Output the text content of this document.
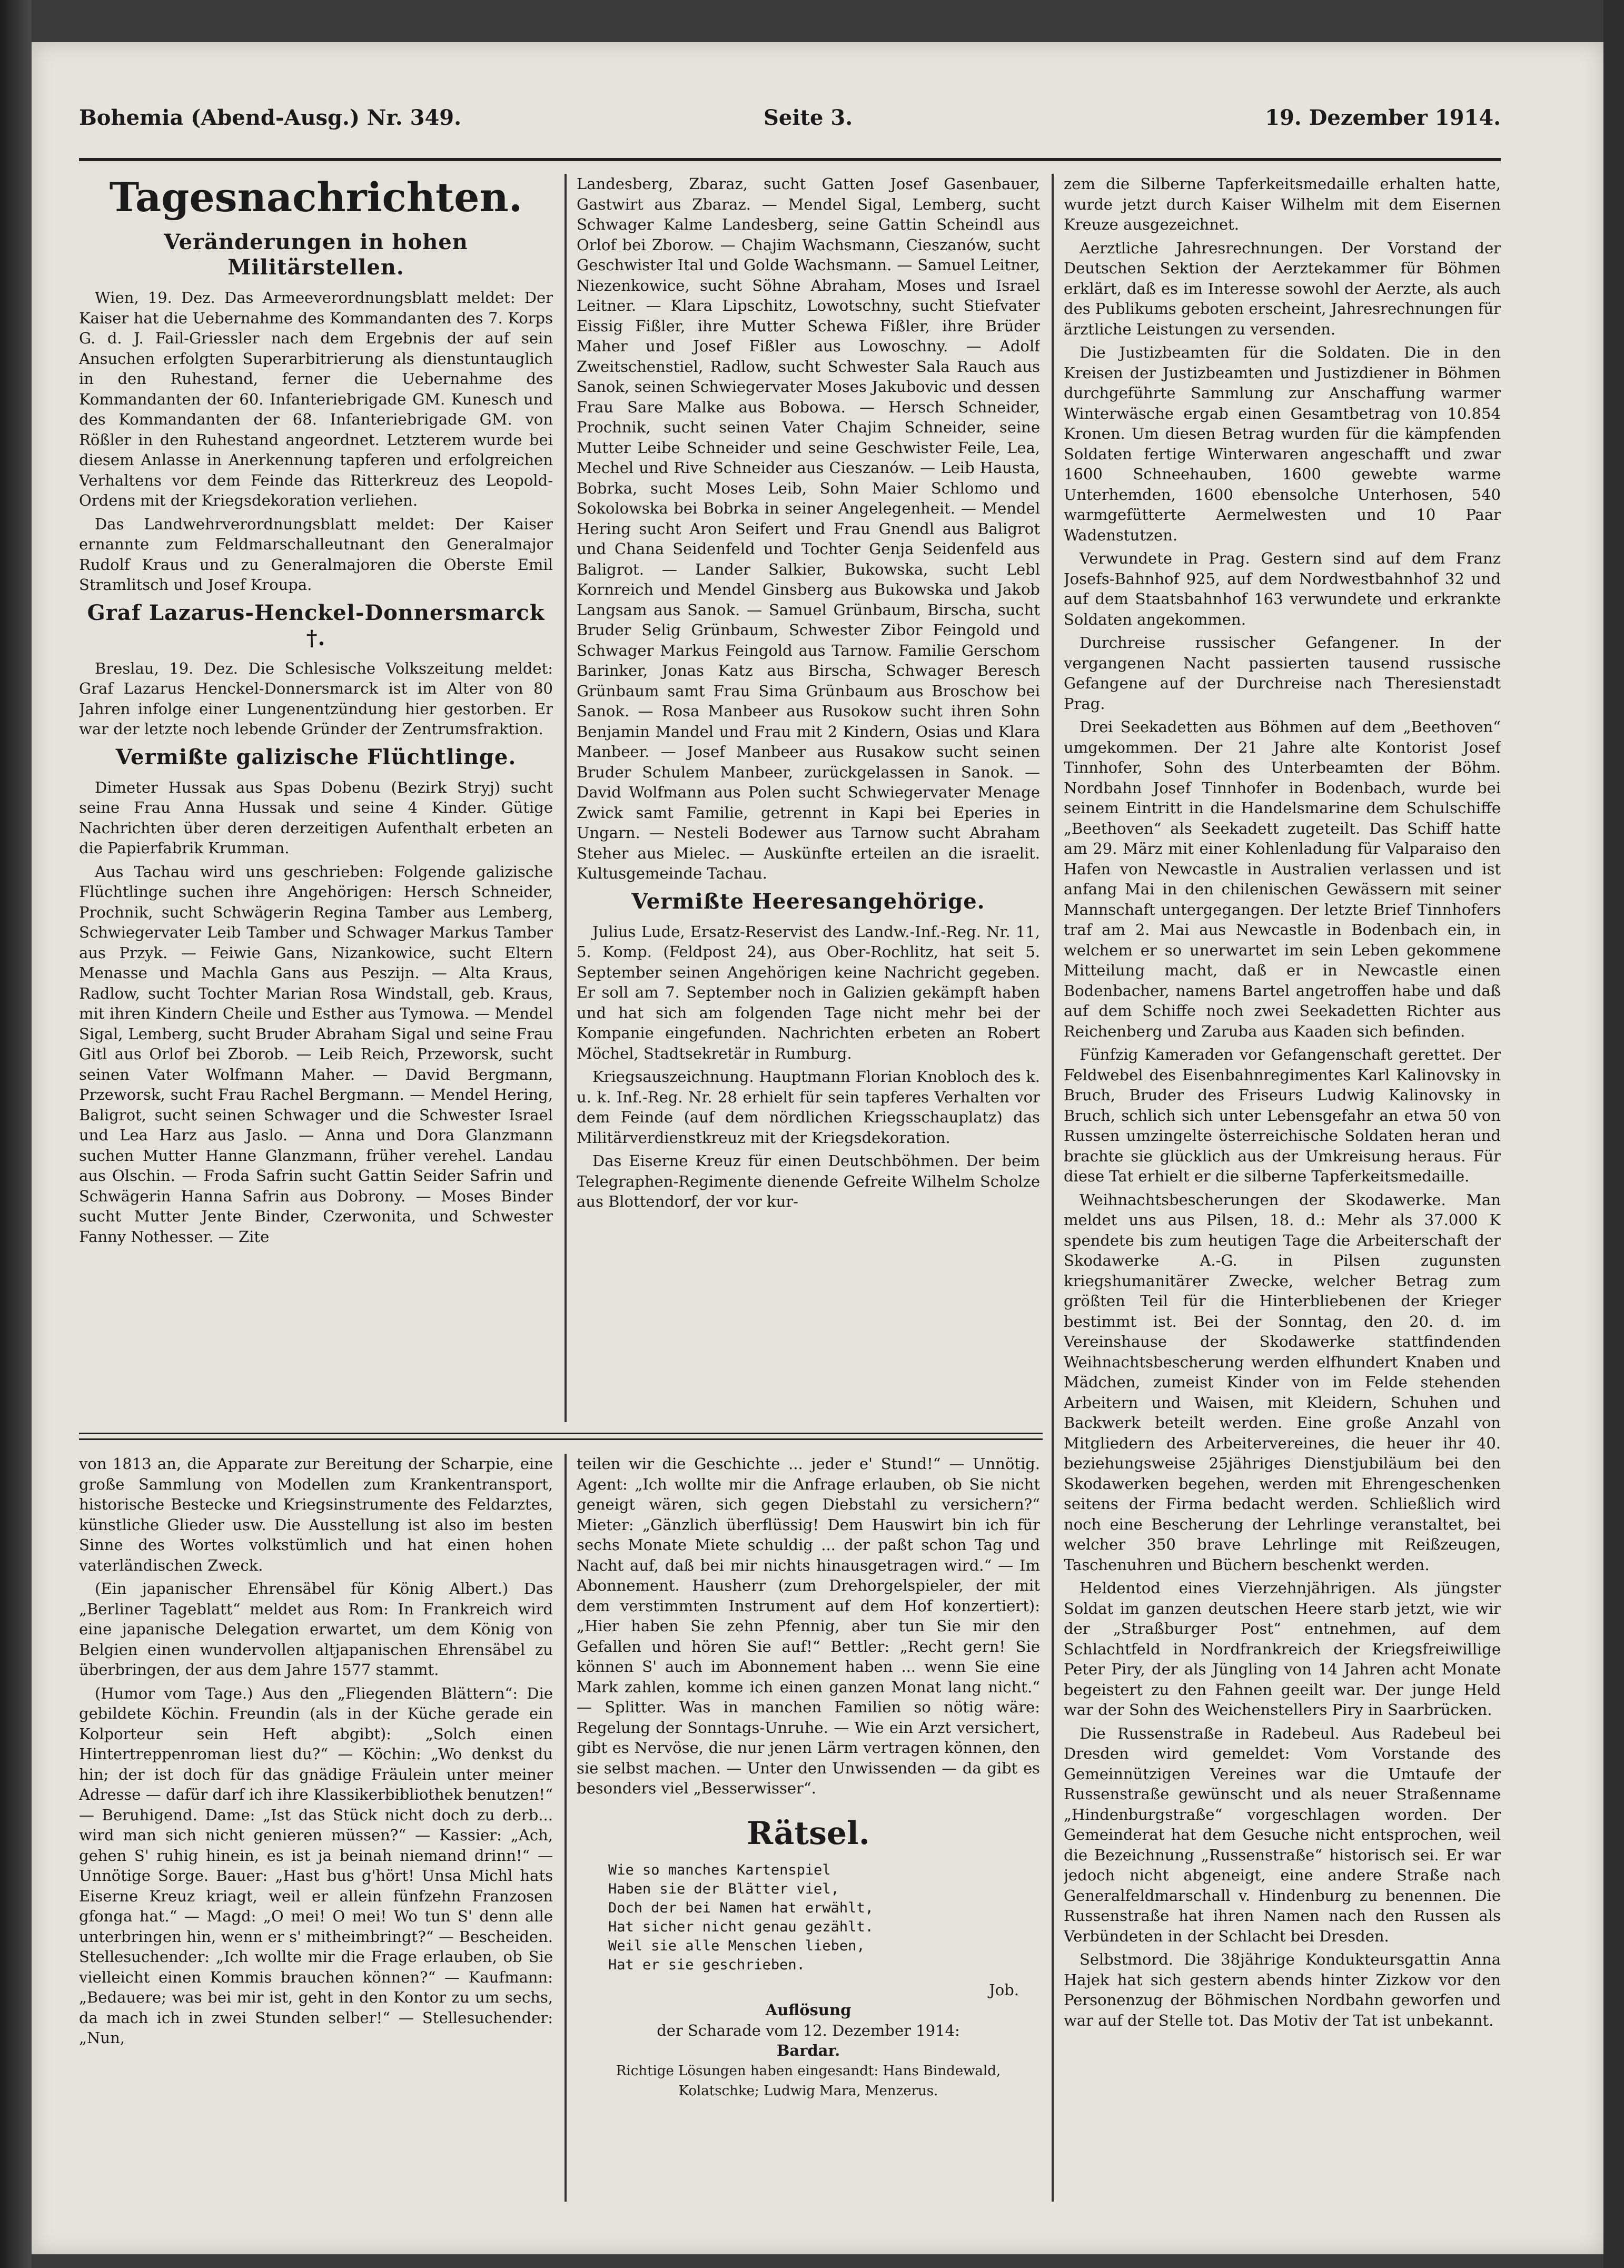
Bohemia (Abend-Ausg.) Nr. 349.	Seite 3.	19. Dezember 1914.
Tagesnachrichten.
Veränderungen in hohen Militärstellen.

Wien, 19. Dez. Das Armeeverordnungsblatt meldet: Der Kaiser hat die Uebernahme des Kommandanten des 7. Korps G. d. J. Fail-Griessler nach dem Ergebnis der auf sein Ansuchen erfolgten Superarbitrierung als dienstuntauglich in den Ruhestand, ferner die Uebernahme des Kommandanten der 60. Infanteriebrigade GM. Kunesch und des Kommandanten der 68. Infanteriebrigade GM. von Rößler in den Ruhestand angeordnet. Letzterem wurde bei diesem Anlasse in Anerkennung tapferen und erfolgreichen Verhaltens vor dem Feinde das Ritterkreuz des Leopold-Ordens mit der Kriegsdekoration verliehen.

Das Landwehrverordnungsblatt meldet: Der Kaiser ernannte zum Feldmarschalleutnant den Generalmajor Rudolf Kraus und zu Generalmajoren die Oberste Emil Stramlitsch und Josef Kroupa.

Graf Lazarus-Henckel-Donnersmarck †.

Breslau, 19. Dez. Die Schlesische Volkszeitung meldet: Graf Lazarus Henckel-Donnersmarck ist im Alter von 80 Jahren infolge einer Lungenentzündung hier gestorben. Er war der letzte noch lebende Gründer der Zentrumsfraktion.

Vermißte galizische Flüchtlinge.

Dimeter Hussak aus Spas Dobenu (Bezirk Stryj) sucht seine Frau Anna Hussak und seine 4 Kinder. Gütige Nachrichten über deren derzeitigen Aufenthalt erbeten an die Papierfabrik Krumman.

Aus Tachau wird uns geschrieben: Folgende galizische Flüchtlinge suchen ihre Angehörigen: Hersch Schneider, Prochnik, sucht Schwägerin Regina Tamber aus Lemberg, Schwiegervater Leib Tamber und Schwager Markus Tamber aus Przyk. — Feiwie Gans, Nizankowice, sucht Eltern Menasse und Machla Gans aus Peszijn. — Alta Kraus, Radlow, sucht Tochter Marian Rosa Windstall, geb. Kraus, mit ihren Kindern Cheile und Esther aus Tymowa. — Mendel Sigal, Lemberg, sucht Bruder Abraham Sigal und seine Frau Gitl aus Orlof bei Zborob. — Leib Reich, Przeworsk, sucht seinen Vater Wolfmann Maher. — David Bergmann, Przeworsk, sucht Frau Rachel Bergmann. — Mendel Hering, Baligrot, sucht seinen Schwager und die Schwester Israel und Lea Harz aus Jaslo. — Anna und Dora Glanzmann suchen Mutter Hanne Glanzmann, früher verehel. Landau aus Olschin. — Froda Safrin sucht Gattin Seider Safrin und Schwägerin Hanna Safrin aus Dobrony. — Moses Binder sucht Mutter Jente Binder, Czerwonita, und Schwester Fanny Nothesser. — Zite

Landesberg, Zbaraz, sucht Gatten Josef Gasenbauer, Gastwirt aus Zbaraz. — Mendel Sigal, Lemberg, sucht Schwager Kalme Landesberg, seine Gattin Scheindl aus Orlof bei Zborow. — Chajim Wachsmann, Cieszanów, sucht Geschwister Ital und Golde Wachsmann. — Samuel Leitner, Niezenkowice, sucht Söhne Abraham, Moses und Israel Leitner. — Klara Lipschitz, Lowotschny, sucht Stiefvater Eissig Fißler, ihre Mutter Schewa Fißler, ihre Brüder Maher und Josef Fißler aus Lowoschny. — Adolf Zweitschenstiel, Radlow, sucht Schwester Sala Rauch aus Sanok, seinen Schwiegervater Moses Jakubovic und dessen Frau Sare Malke aus Bobowa. — Hersch Schneider, Prochnik, sucht seinen Vater Chajim Schneider, seine Mutter Leibe Schneider und seine Geschwister Feile, Lea, Mechel und Rive Schneider aus Cieszanów. — Leib Hausta, Bobrka, sucht Moses Leib, Sohn Maier Schlomo und Sokolowska bei Bobrka in seiner Angelegenheit. — Mendel Hering sucht Aron Seifert und Frau Gnendl aus Baligrot und Chana Seidenfeld und Tochter Genja Seidenfeld aus Baligrot. — Lander Salkier, Bukowska, sucht Lebl Kornreich und Mendel Ginsberg aus Bukowska und Jakob Langsam aus Sanok. — Samuel Grünbaum, Birscha, sucht Bruder Selig Grünbaum, Schwester Zibor Feingold und Schwager Markus Feingold aus Tarnow. Familie Gerschom Barinker, Jonas Katz aus Birscha, Schwager Beresch Grünbaum samt Frau Sima Grünbaum aus Broschow bei Sanok. — Rosa Manbeer aus Rusokow sucht ihren Sohn Benjamin Mandel und Frau mit 2 Kindern, Osias und Klara Manbeer. — Josef Manbeer aus Rusakow sucht seinen Bruder Schulem Manbeer, zurückgelassen in Sanok. — David Wolfmann aus Polen sucht Schwiegervater Menage Zwick samt Familie, getrennt in Kapi bei Eperies in Ungarn. — Nesteli Bodewer aus Tarnow sucht Abraham Steher aus Mielec. — Auskünfte erteilen an die israelit. Kultusgemeinde Tachau.

Vermißte Heeresangehörige.

Julius Lude, Ersatz-Reservist des Landw.-Inf.-Reg. Nr. 11, 5. Komp. (Feldpost 24), aus Ober-Rochlitz, hat seit 5. September seinen Angehörigen keine Nachricht gegeben. Er soll am 7. September noch in Galizien gekämpft haben und hat sich am folgenden Tage nicht mehr bei der Kompanie eingefunden. Nachrichten erbeten an Robert Möchel, Stadtsekretär in Rumburg.

Kriegsauszeichnung. Hauptmann Florian Knobloch des k. u. k. Inf.-Reg. Nr. 28 erhielt für sein tapferes Verhalten vor dem Feinde (auf dem nördlichen Kriegsschauplatz) das Militärverdienstkreuz mit der Kriegsdekoration.

Das Eiserne Kreuz für einen Deutschböhmen. Der beim Telegraphen-Regimente dienende Gefreite Wilhelm Scholze aus Blottendorf, der vor kur-

zem die Silberne Tapferkeitsmedaille erhalten hatte, wurde jetzt durch Kaiser Wilhelm mit dem Eisernen Kreuze ausgezeichnet.

Aerztliche Jahresrechnungen. Der Vorstand der Deutschen Sektion der Aerztekammer für Böhmen erklärt, daß es im Interesse sowohl der Aerzte, als auch des Publikums geboten erscheint, Jahresrechnungen für ärztliche Leistungen zu versenden.

Die Justizbeamten für die Soldaten. Die in den Kreisen der Justizbeamten und Justizdiener in Böhmen durchgeführte Sammlung zur Anschaffung warmer Winterwäsche ergab einen Gesamtbetrag von 10.854 Kronen. Um diesen Betrag wurden für die kämpfenden Soldaten fertige Winterwaren angeschafft und zwar 1600 Schneehauben, 1600 gewebte warme Unterhemden, 1600 ebensolche Unterhosen, 540 warmgefütterte Aermelwesten und 10 Paar Wadenstutzen.

Verwundete in Prag. Gestern sind auf dem Franz Josefs-Bahnhof 925, auf dem Nordwestbahnhof 32 und auf dem Staatsbahnhof 163 verwundete und erkrankte Soldaten angekommen.

Durchreise russischer Gefangener. In der vergangenen Nacht passierten tausend russische Gefangene auf der Durchreise nach Theresienstadt Prag.

Drei Seekadetten aus Böhmen auf dem „Beethoven“ umgekommen. Der 21 Jahre alte Kontorist Josef Tinnhofer, Sohn des Unterbeamten der Böhm. Nordbahn Josef Tinnhofer in Bodenbach, wurde bei seinem Eintritt in die Handelsmarine dem Schulschiffe „Beethoven“ als Seekadett zugeteilt. Das Schiff hatte am 29. März mit einer Kohlenladung für Valparaiso den Hafen von Newcastle in Australien verlassen und ist anfang Mai in den chilenischen Gewässern mit seiner Mannschaft untergegangen. Der letzte Brief Tinnhofers traf am 2. Mai aus Newcastle in Bodenbach ein, in welchem er so unerwartet im sein Leben gekommene Mitteilung macht, daß er in Newcastle einen Bodenbacher, namens Bartel angetroffen habe und daß auf dem Schiffe noch zwei Seekadetten Richter aus Reichenberg und Zaruba aus Kaaden sich befinden.

Fünfzig Kameraden vor Gefangenschaft gerettet. Der Feldwebel des Eisenbahnregimentes Karl Kalinovsky in Bruch, Bruder des Friseurs Ludwig Kalinovsky in Bruch, schlich sich unter Lebensgefahr an etwa 50 von Russen umzingelte österreichische Soldaten heran und brachte sie glücklich aus der Umkreisung heraus. Für diese Tat erhielt er die silberne Tapferkeitsmedaille.

Weihnachtsbescherungen der Skodawerke. Man meldet uns aus Pilsen, 18. d.: Mehr als 37.000 K spendete bis zum heutigen Tage die Arbeiterschaft der Skodawerke A.-G. in Pilsen zugunsten kriegshumanitärer Zwecke, welcher Betrag zum größten Teil für die Hinterbliebenen der Krieger bestimmt ist. Bei der Sonntag, den 20. d. im Vereinshause der Skodawerke stattfindenden Weihnachtsbescherung werden elfhundert Knaben und Mädchen, zumeist Kinder von im Felde stehenden Arbeitern und Waisen, mit Kleidern, Schuhen und Backwerk beteilt werden. Eine große Anzahl von Mitgliedern des Arbeitervereines, die heuer ihr 40. beziehungsweise 25jähriges Dienstjubiläum bei den Skodawerken begehen, werden mit Ehrengeschenken seitens der Firma bedacht werden. Schließlich wird noch eine Bescherung der Lehrlinge veranstaltet, bei welcher 350 brave Lehrlinge mit Reißzeugen, Taschenuhren und Büchern beschenkt werden.

Heldentod eines Vierzehnjährigen. Als jüngster Soldat im ganzen deutschen Heere starb jetzt, wie wir der „Straßburger Post“ entnehmen, auf dem Schlachtfeld in Nordfrankreich der Kriegsfreiwillige Peter Piry, der als Jüngling von 14 Jahren acht Monate begeistert zu den Fahnen geeilt war. Der junge Held war der Sohn des Weichenstellers Piry in Saarbrücken.

Die Russenstraße in Radebeul. Aus Radebeul bei Dresden wird gemeldet: Vom Vorstande des Gemeinnützigen Vereines war die Umtaufe der Russenstraße gewünscht und als neuer Straßenname „Hindenburgstraße“ vorgeschlagen worden. Der Gemeinderat hat dem Gesuche nicht entsprochen, weil die Bezeichnung „Russenstraße“ historisch sei. Er war jedoch nicht abgeneigt, eine andere Straße nach Generalfeldmarschall v. Hindenburg zu benennen. Die Russenstraße hat ihren Namen nach den Russen als Verbündeten in der Schlacht bei Dresden.

Selbstmord. Die 38jährige Kondukteursgattin Anna Hajek hat sich gestern abends hinter Zizkow vor den Personenzug der Böhmischen Nordbahn geworfen und war auf der Stelle tot. Das Motiv der Tat ist unbekannt.

von 1813 an, die Apparate zur Bereitung der Scharpie, eine große Sammlung von Modellen zum Krankentransport, historische Bestecke und Kriegsinstrumente des Feldarztes, künstliche Glieder usw. Die Ausstellung ist also im besten Sinne des Wortes volkstümlich und hat einen hohen vaterländischen Zweck.

(Ein japanischer Ehrensäbel für König Albert.) Das „Berliner Tageblatt“ meldet aus Rom: In Frankreich wird eine japanische Delegation erwartet, um dem König von Belgien einen wundervollen altjapanischen Ehrensäbel zu überbringen, der aus dem Jahre 1577 stammt.

(Humor vom Tage.) Aus den „Fliegenden Blättern“: Die gebildete Köchin. Freundin (als in der Küche gerade ein Kolporteur sein Heft abgibt): „Solch einen Hintertreppenroman liest du?“ — Köchin: „Wo denkst du hin; der ist doch für das gnädige Fräulein unter meiner Adresse — dafür darf ich ihre Klassikerbibliothek benutzen!“ — Beruhigend. Dame: „Ist das Stück nicht doch zu derb... wird man sich nicht genieren müssen?“ — Kassier: „Ach, gehen S' ruhig hinein, es ist ja beinah niemand drinn!“ — Unnötige Sorge. Bauer: „Hast bus g'hört! Unsa Michl hats Eiserne Kreuz kriagt, weil er allein fünfzehn Franzosen gfonga hat.“ — Magd: „O mei! O mei! Wo tun S' denn alle unterbringen hin, wenn er s' mitheimbringt?“ — Bescheiden. Stellesuchender: „Ich wollte mir die Frage erlauben, ob Sie vielleicht einen Kommis brauchen können?“ — Kaufmann: „Bedauere; was bei mir ist, geht in den Kontor zu um sechs, da mach ich in zwei Stunden selber!“ — Stellesuchender: „Nun,

teilen wir die Geschichte ... jeder e' Stund!“ — Unnötig. Agent: „Ich wollte mir die Anfrage erlauben, ob Sie nicht geneigt wären, sich gegen Diebstahl zu versichern?“ Mieter: „Gänzlich überflüssig! Dem Hauswirt bin ich für sechs Monate Miete schuldig ... der paßt schon Tag und Nacht auf, daß bei mir nichts hinausgetragen wird.“ — Im Abonnement. Hausherr (zum Drehorgelspieler, der mit dem verstimmten Instrument auf dem Hof konzertiert): „Hier haben Sie zehn Pfennig, aber tun Sie mir den Gefallen und hören Sie auf!“ Bettler: „Recht gern! Sie können S' auch im Abonnement haben ... wenn Sie eine Mark zahlen, komme ich einen ganzen Monat lang nicht.“ — Splitter. Was in manchen Familien so nötig wäre: Regelung der Sonntags-Unruhe. — Wie ein Arzt versichert, gibt es Nervöse, die nur jenen Lärm vertragen können, den sie selbst machen. — Unter den Unwissenden — da gibt es besonders viel „Besserwisser“.

Rätsel.
Wie so manches Kartenspiel
Haben sie der Blätter viel,
Doch der bei Namen hat erwählt,
Hat sicher nicht genau gezählt.
Weil sie alle Menschen lieben,
Hat er sie geschrieben.
Job.
Auflösung
der Scharade vom 12. Dezember 1914:
Bardar.
Richtige Lösungen haben eingesandt: Hans Bindewald, Kolatschke; Ludwig Mara, Menzerus.
